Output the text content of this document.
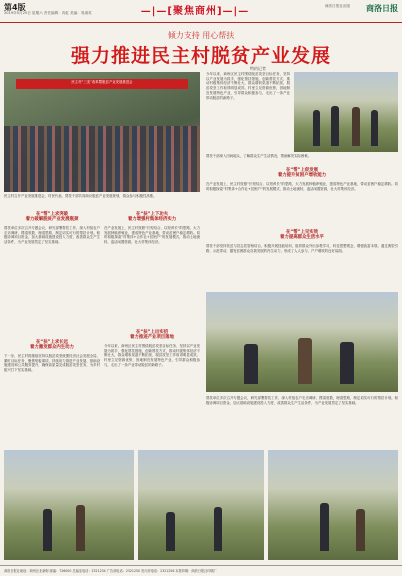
第4版
2019年5月25日 星期六 责任编辑：冉虹 美编：易淑英	—|—[聚焦商州]—|—	商洛日报社出版 商洛日报
倾力支持 用心帮扶
强力推进民主村脱贫产业发展
特约记者
民主村“三变”改革暨脱贫产业发展推进会
民主村召开产业发展推进会，村民代表、帮扶干部共同商议脱贫产业发展规划，群众参与积极性高涨。
今年以来，商州区民主村围绕脱贫攻坚目标任务，坚持以产业发展为抓手，强化帮扶措施，创新帮扶方式，推动村级集体经济不断壮大，群众增收渠道不断拓宽，脱贫攻坚工作取得明显成效。村里立足资源优势，因地制宜发展特色产业，引导群众积极参与，走出了一条产业带动脱贫的新路子。
帮扶干部深入田间地头，了解群众生产生活情况，帮助解决实际困难。
在“帮”上促发展
着力提升贫困户增收能力
在产业发展上，民主村按照“长短结合、以短养长”的思路，大力发展种植养殖业，建成特色产业基地，带动贫困户稳定增收。同时积极探索“村集体+合作社+贫困户”的发展模式，推动土地流转，盘活闲置资源，壮大村集体经济。
在“帮”上见实效
着力提高群众生活水平
帮扶干部坚持扶贫与扶志扶智相结合，积极开展技能培训，组织群众外出参观学习，转变思想观念，增强致富本领。通过典型引路、示范带动，激发贫困群众自我发展的内生动力，形成了人人参与、户户增收的良好局面。
在“帮”上求突破
着力破解脱贫产业发展瓶颈
帮扶单位多次召开专题会议，研究部署帮扶工作，深入村组农户走访调研，摸清底数，理清思路，制定切实可行的帮扶计划。积极协调项目资金，加大基础设施建设投入力度，改善群众生产生活条件，为产业发展奠定了坚实基础。
在“扶”上求长远
着力激发群众内生动力
下一步，民主村将继续坚持以脱贫攻坚统揽经济社会发展全局，紧盯目标任务，聚焦短板弱项，持续用力推进产业发展、基础设施建设和公共服务提升，确保高质量完成脱贫攻坚任务，为乡村振兴打下坚实基础。
在“扶”上下功夫
着力增强村集体经济实力
在产业发展上，民主村按照“长短结合、以短养长”的思路，大力发展种植养殖业，建成特色产业基地，带动贫困户稳定增收。同时积极探索“村集体+合作社+贫困户”的发展模式，推动土地流转，盘活闲置资源，壮大村集体经济。
在“扶”上出实招
着力推进产业项目落地
今年以来，商州区民主村围绕脱贫攻坚目标任务，坚持以产业发展为抓手，强化帮扶措施，创新帮扶方式，推动村级集体经济不断壮大，群众增收渠道不断拓宽，脱贫攻坚工作取得明显成效。村里立足资源优势，因地制宜发展特色产业，引导群众积极参与，走出了一条产业带动脱贫的新路子。
帮扶单位多次召开专题会议，研究部署帮扶工作，深入村组农户走访调研，摸清底数，理清思路，制定切实可行的帮扶计划。积极协调项目资金，加大基础设施建设投入力度，改善群众生产生活条件，为产业发展奠定了坚实基础。
商洛日报社地址：商州区北新街 邮编：726000 总编室电话：2321234 广告部电话：2321250 发行部电话：2321256 本报印刷：商洛日报社印刷厂
